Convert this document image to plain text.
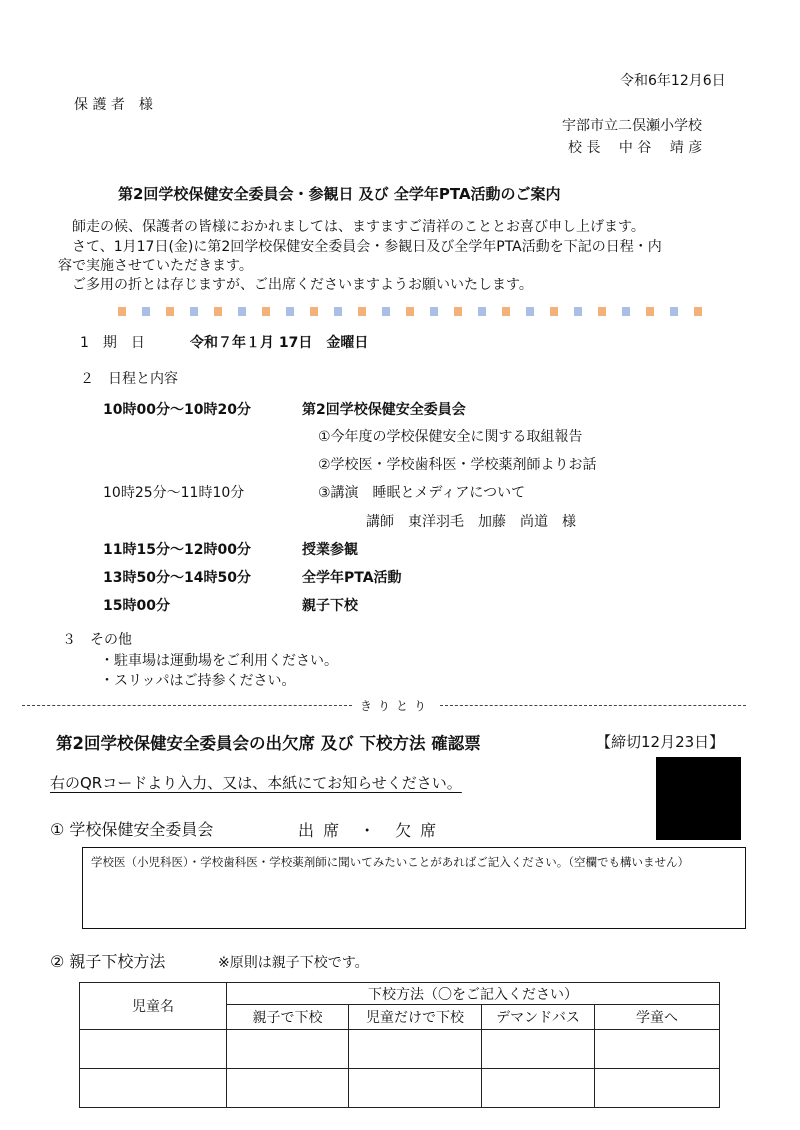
令和6年12月6日
保 護 者　様
宇部市立二俣瀬小学校
校 長　 中 谷　 靖 彦
第2回学校保健安全委員会・参観日 及び 全学年PTA活動のご案内
師走の候、保護者の皆様におかれましては、ますますご清祥のこととお喜び申し上げます。
さて、1月17日(金)に第2回学校保健安全委員会・参観日及び全学年PTA活動を下記の日程・内
容で実施させていただきます。
ご多用の折とは存じますが、ご出席くださいますようお願いいたします。
1　期　日	令和７年１月 17日　金曜日
２　日程と内容
10時00分〜10時20分	第2回学校保健安全委員会
①今年度の学校保健安全に関する取組報告
②学校医・学校歯科医・学校薬剤師よりお話
10時25分〜11時10分	③講演　睡眠とメディアについて
講師　東洋羽毛　加藤　尚道　様
11時15分〜12時00分	授業参観
13時50分〜14時50分	全学年PTA活動
15時00分	親子下校
３　その他
・駐車場は運動場をご利用ください。
・スリッパはご持参ください。
きりとり
第2回学校保健安全委員会の出欠席 及び 下校方法 確認票	【締切12月23日】
右のQRコードより入力、又は、本紙にてお知らせください。
① 学校保健安全委員会	出 席　・　欠 席
学校医（小児科医）・学校歯科医・学校薬剤師に聞いてみたいことがあればご記入ください。（空欄でも構いません）
② 親子下校方法	※原則は親子下校です。
児童名	下校方法（〇をご記入ください）			
	親子で下校	児童だけで下校	デマンドバス	学童へ
